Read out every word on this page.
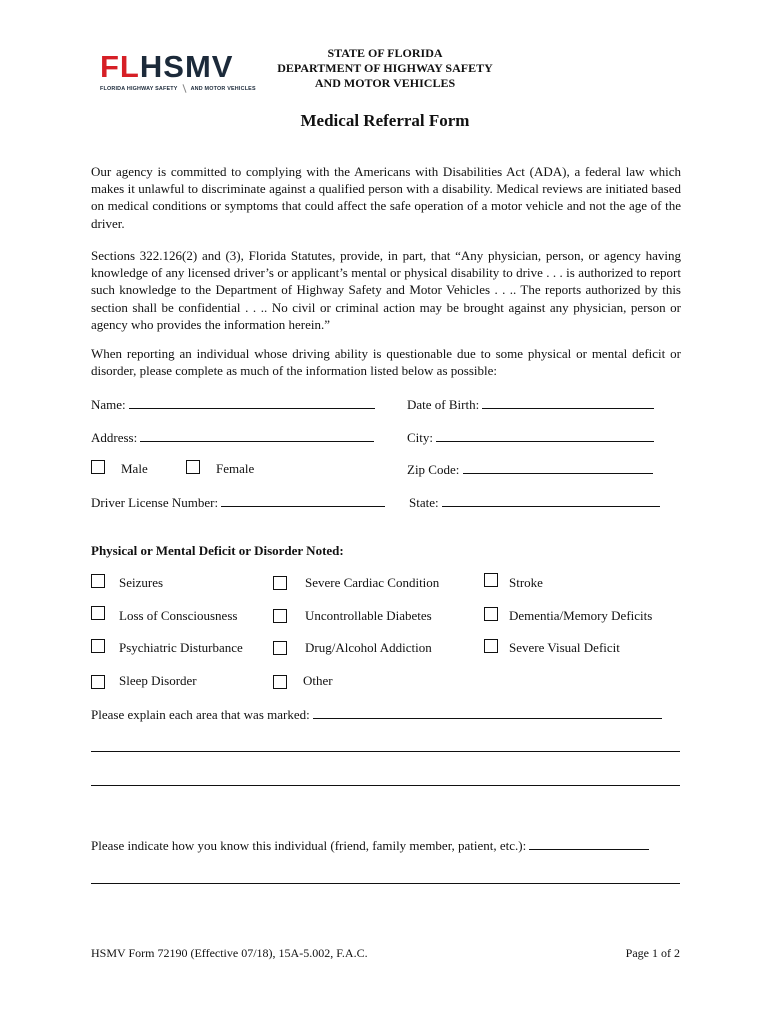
FLHSMV
FLORIDA HIGHWAY SAFETY AND MOTOR VEHICLES
STATE OF FLORIDA
DEPARTMENT OF HIGHWAY SAFETY
AND MOTOR VEHICLES
Medical Referral Form
Our agency is committed to complying with the Americans with Disabilities Act (ADA), a federal law which makes it unlawful to discriminate against a qualified person with a disability. Medical reviews are initiated based on medical conditions or symptoms that could affect the safe operation of a motor vehicle and not the age of the driver.
Sections 322.126(2) and (3), Florida Statutes, provide, in part, that “Any physician, person, or agency having knowledge of any licensed driver’s or applicant’s mental or physical disability to drive . . . is authorized to report such knowledge to the Department of Highway Safety and Motor Vehicles . . .. The reports authorized by this section shall be confidential . . .. No civil or criminal action may be brought against any physician, person or agency who provides the information herein.”
When reporting an individual whose driving ability is questionable due to some physical or mental deficit or disorder, please complete as much of the information listed below as possible:
Name:	Date of Birth:
Address:	City:
Male	Female	Zip Code:
Driver License Number:	State:
Physical or Mental Deficit or Disorder Noted:
Seizures	Severe Cardiac Condition	Stroke
Loss of Consciousness	Uncontrollable Diabetes	Dementia/Memory Deficits
Psychiatric Disturbance	Drug/Alcohol Addiction	Severe Visual Deficit
Sleep Disorder	Other
Please explain each area that was marked:
Please indicate how you know this individual (friend, family member, patient, etc.):
HSMV Form 72190 (Effective 07/18), 15A-5.002, F.A.C.	Page 1 of 2
